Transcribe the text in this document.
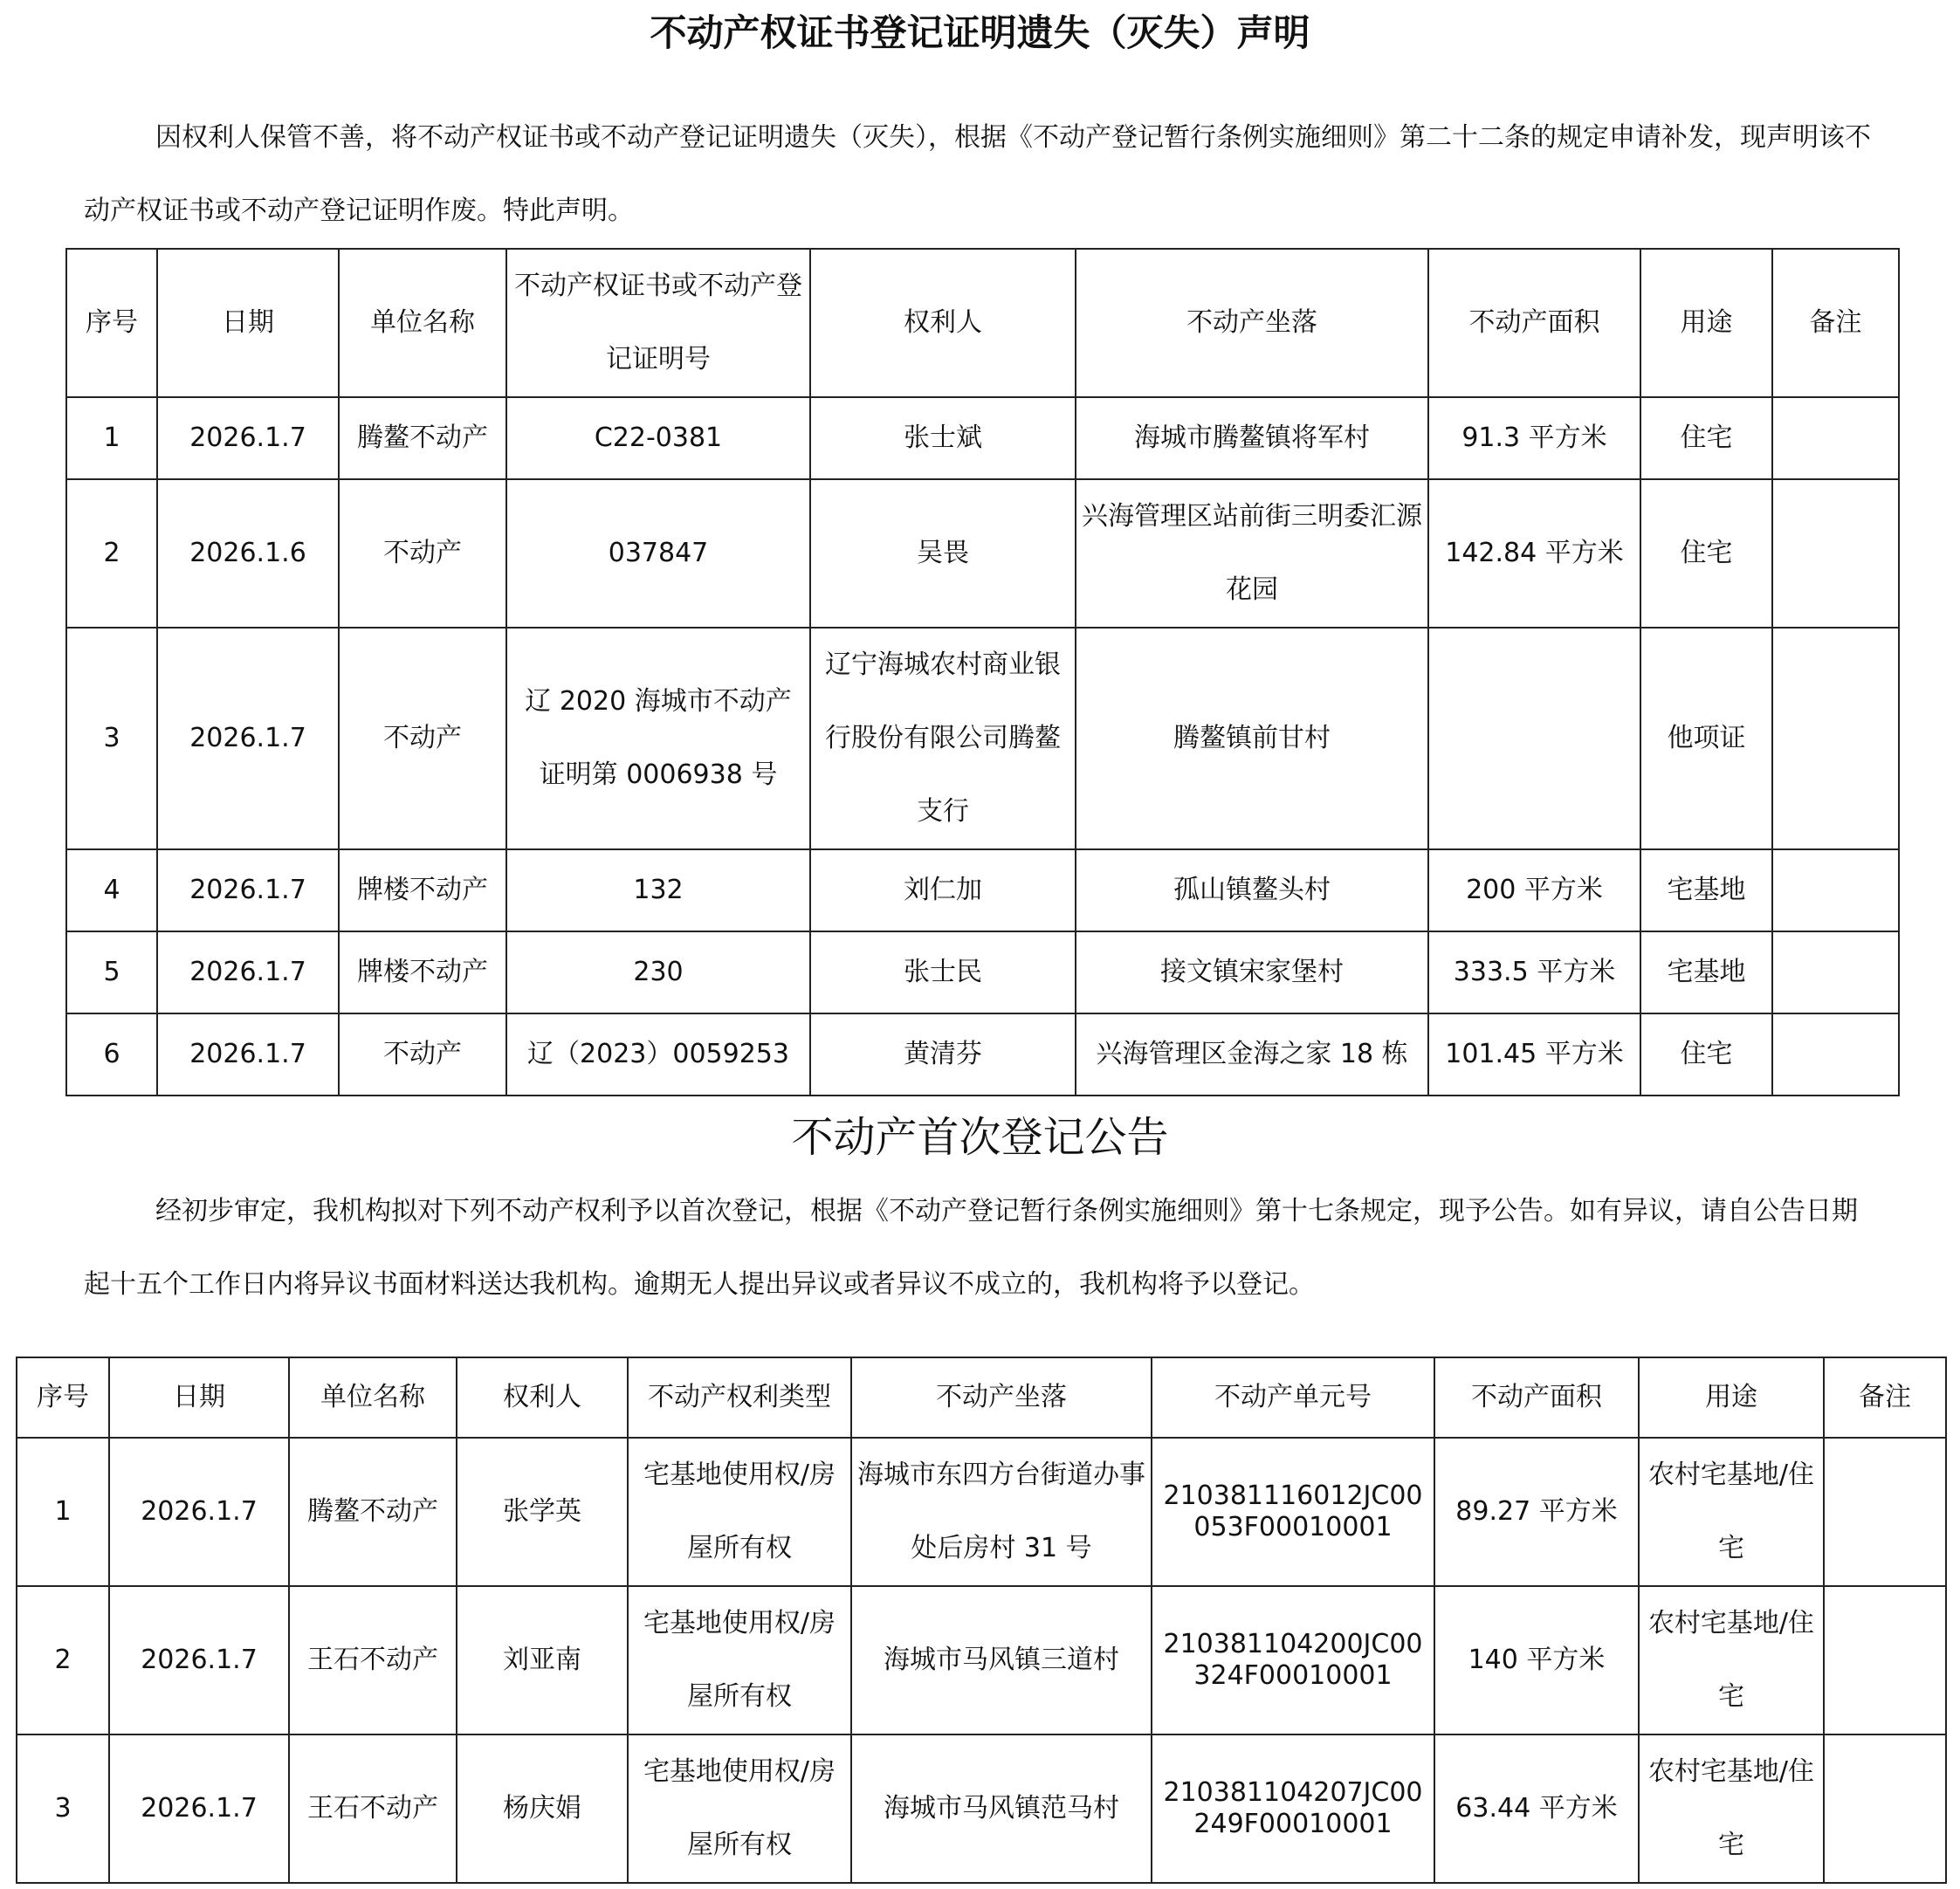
不动产权证书登记证明遗失（灭失）声明
因权利人保管不善，将不动产权证书或不动产登记证明遗失（灭失），根据《不动产登记暂行条例实施细则》第二十二条的规定申请补发，现声明该不动产权证书或不动产登记证明作废。特此声明。
序号	日期	单位名称	不动产权证书或不动产登记证明号	权利人	不动产坐落	不动产面积	用途	备注
1	2026.1.7	腾鳌不动产	C22-0381	张士斌	海城市腾鳌镇将军村	91.3 平方米	住宅	
2	2026.1.6	不动产	037847	吴畏	兴海管理区站前街三明委汇源花园	142.84 平方米	住宅	
3	2026.1.7	不动产	辽 2020 海城市不动产证明第 0006938 号	辽宁海城农村商业银行股份有限公司腾鳌支行	腾鳌镇前甘村		他项证	
4	2026.1.7	牌楼不动产	132	刘仁加	孤山镇鳌头村	200 平方米	宅基地	
5	2026.1.7	牌楼不动产	230	张士民	接文镇宋家堡村	333.5 平方米	宅基地	
6	2026.1.7	不动产	辽（2023）0059253	黄清芬	兴海管理区金海之家 18 栋	101.45 平方米	住宅	
不动产首次登记公告
经初步审定，我机构拟对下列不动产权利予以首次登记，根据《不动产登记暂行条例实施细则》第十七条规定，现予公告。如有异议，请自公告日期起十五个工作日内将异议书面材料送达我机构。逾期无人提出异议或者异议不成立的，我机构将予以登记。
序号	日期	单位名称	权利人	不动产权利类型	不动产坐落	不动产单元号	不动产面积	用途	备注
1	2026.1.7	腾鳌不动产	张学英	宅基地使用权/房屋所有权	海城市东四方台街道办事处后房村 31 号	210381116012JC00053F00010001	89.27 平方米	农村宅基地/住宅	
2	2026.1.7	王石不动产	刘亚南	宅基地使用权/房屋所有权	海城市马风镇三道村	210381104200JC00324F00010001	140 平方米	农村宅基地/住宅	
3	2026.1.7	王石不动产	杨庆娟	宅基地使用权/房屋所有权	海城市马风镇范马村	210381104207JC00249F00010001	63.44 平方米	农村宅基地/住宅	
